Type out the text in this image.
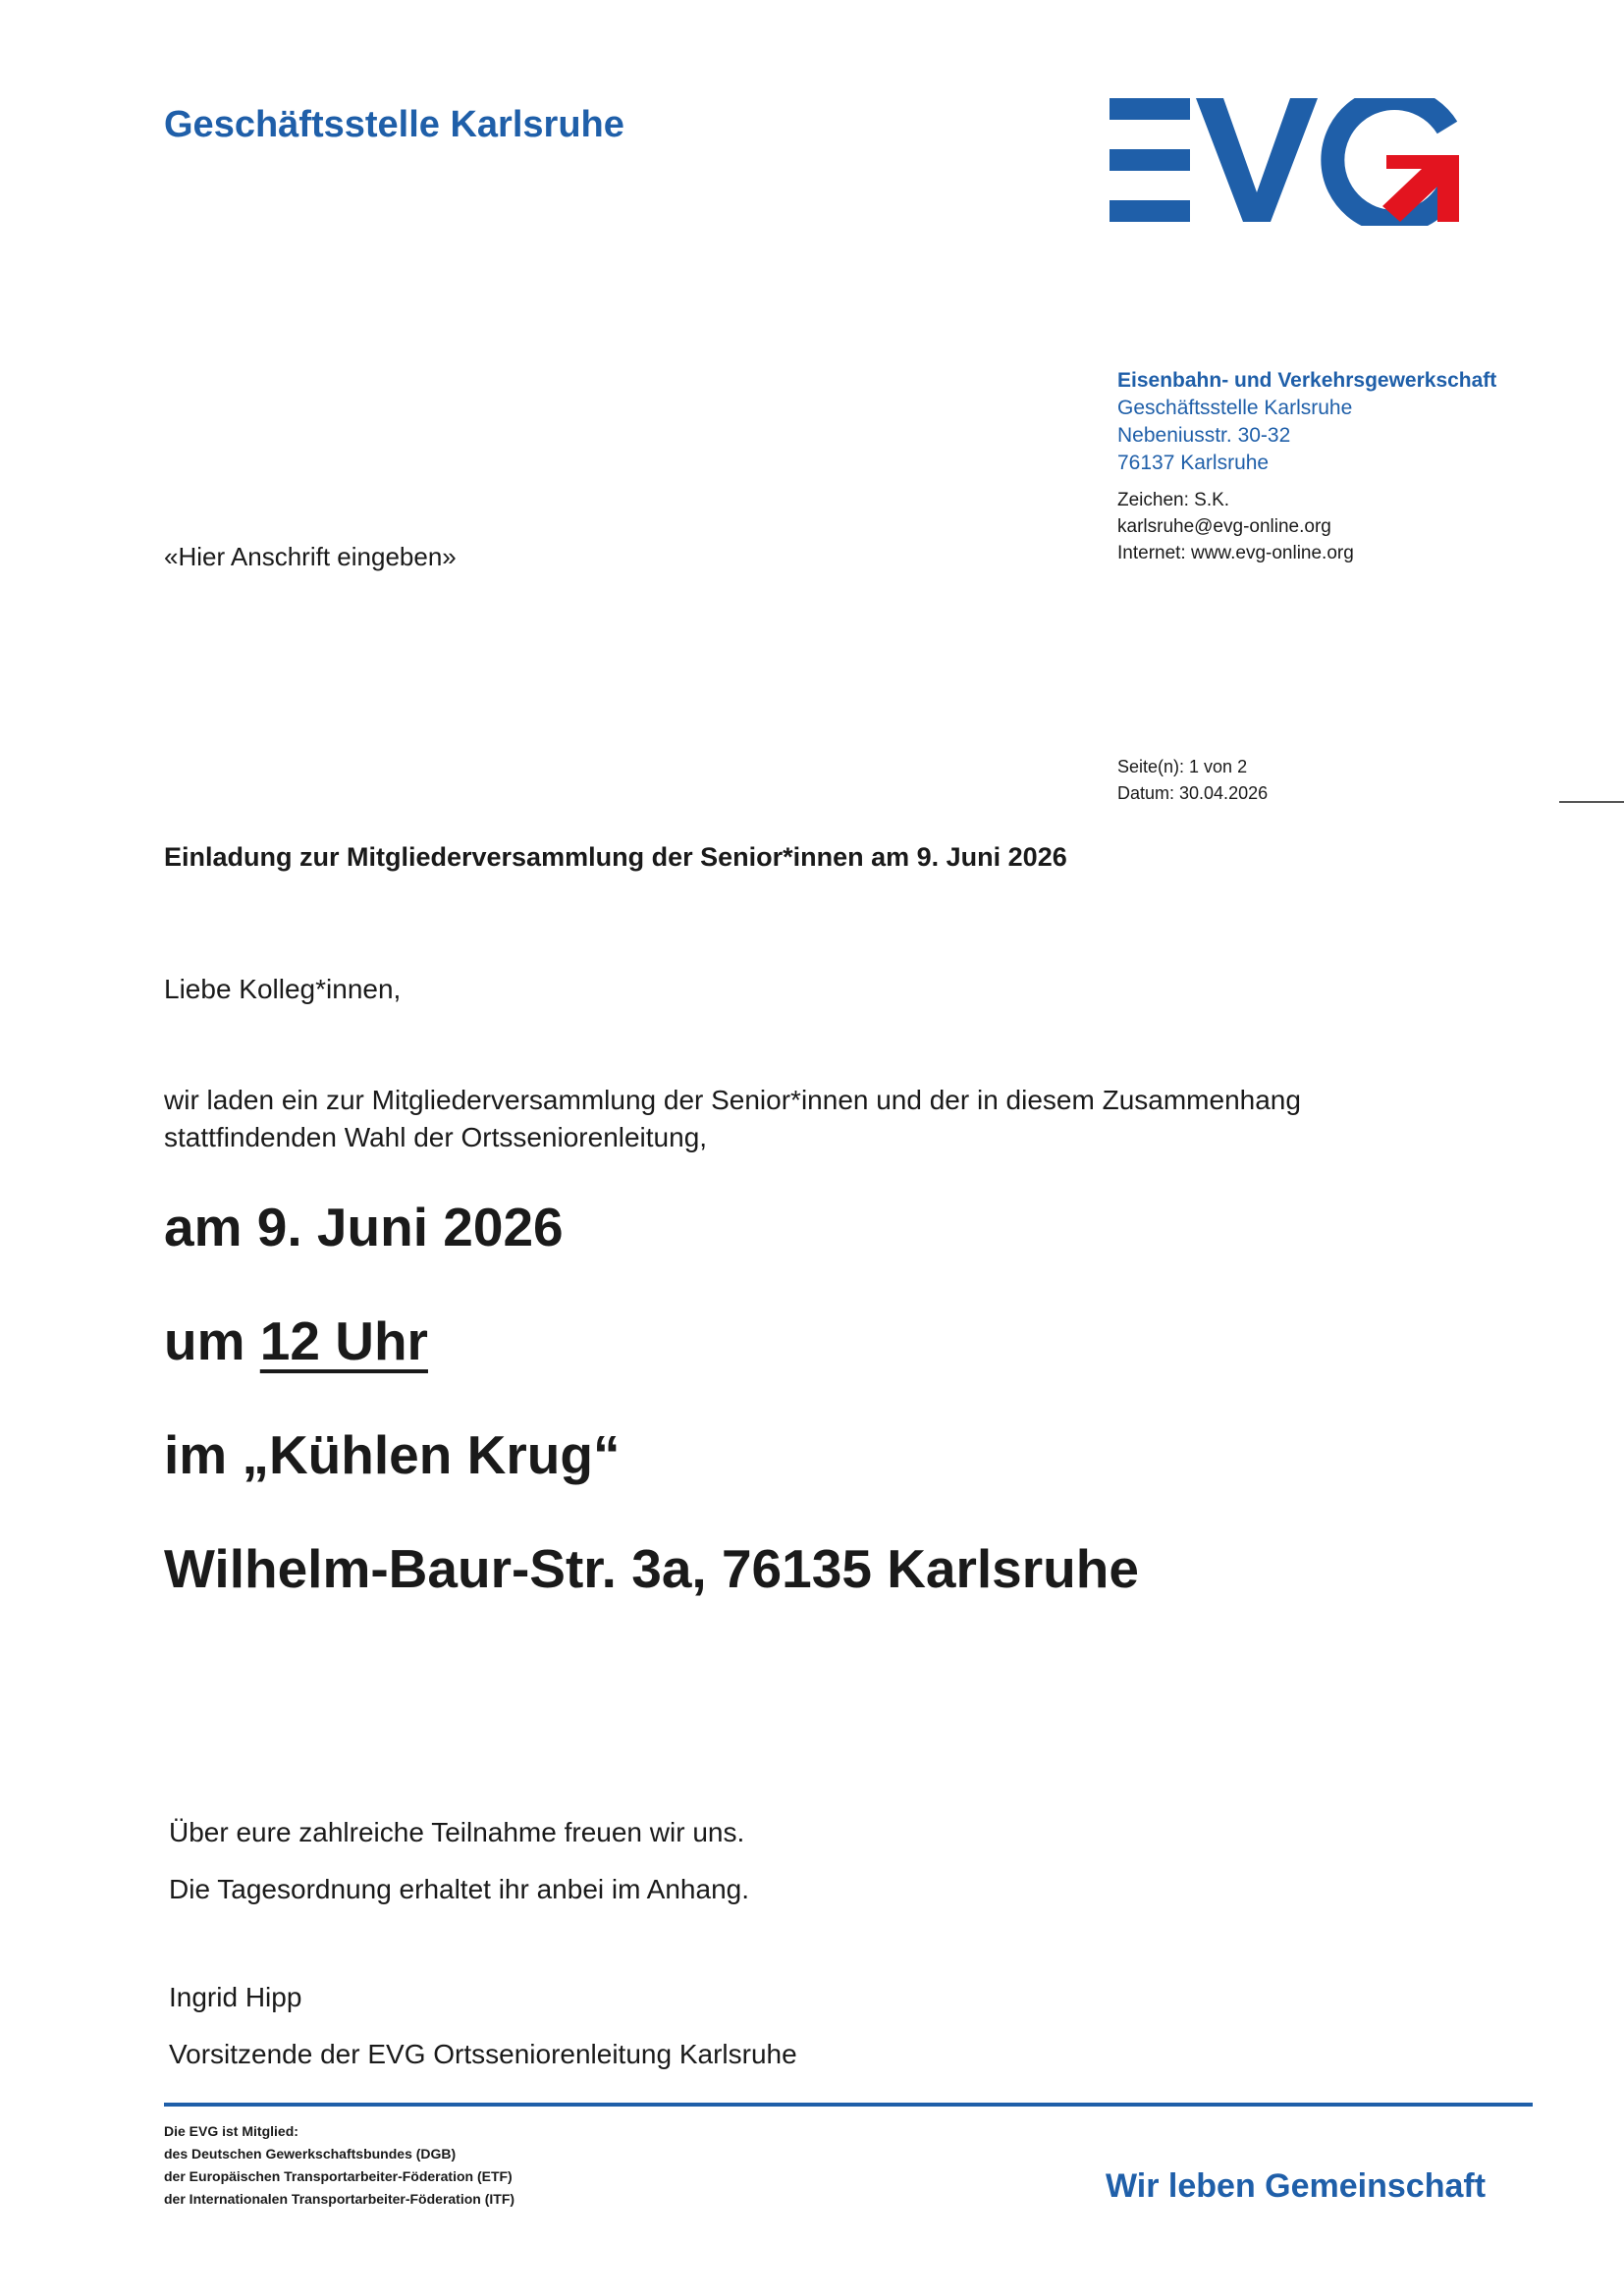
Geschäftsstelle Karlsruhe
Eisenbahn- und Verkehrsgewerkschaft
Geschäftsstelle Karlsruhe
Nebeniusstr. 30-32
76137 Karlsruhe
Zeichen: S.K.
karlsruhe@evg-online.org
Internet: www.evg-online.org
«Hier Anschrift eingeben»
Seite(n): 1 von 2
Datum: 30.04.2026
Einladung zur Mitgliederversammlung der Senior*innen am 9. Juni 2026
Liebe Kolleg*innen,
wir laden ein zur Mitgliederversammlung der Senior*innen und der in diesem Zusammenhang
stattfindenden Wahl der Ortsseniorenleitung,
am 9. Juni 2026
um 12 Uhr
im „Kühlen Krug“
Wilhelm-Baur-Str. 3a, 76135 Karlsruhe
Über eure zahlreiche Teilnahme freuen wir uns.
Die Tagesordnung erhaltet ihr anbei im Anhang.
Ingrid Hipp
Vorsitzende der EVG Ortsseniorenleitung Karlsruhe
Die EVG ist Mitglied:
des Deutschen Gewerkschaftsbundes (DGB)
der Europäischen Transportarbeiter-Föderation (ETF)
der Internationalen Transportarbeiter-Föderation (ITF)	Wir leben Gemeinschaft
